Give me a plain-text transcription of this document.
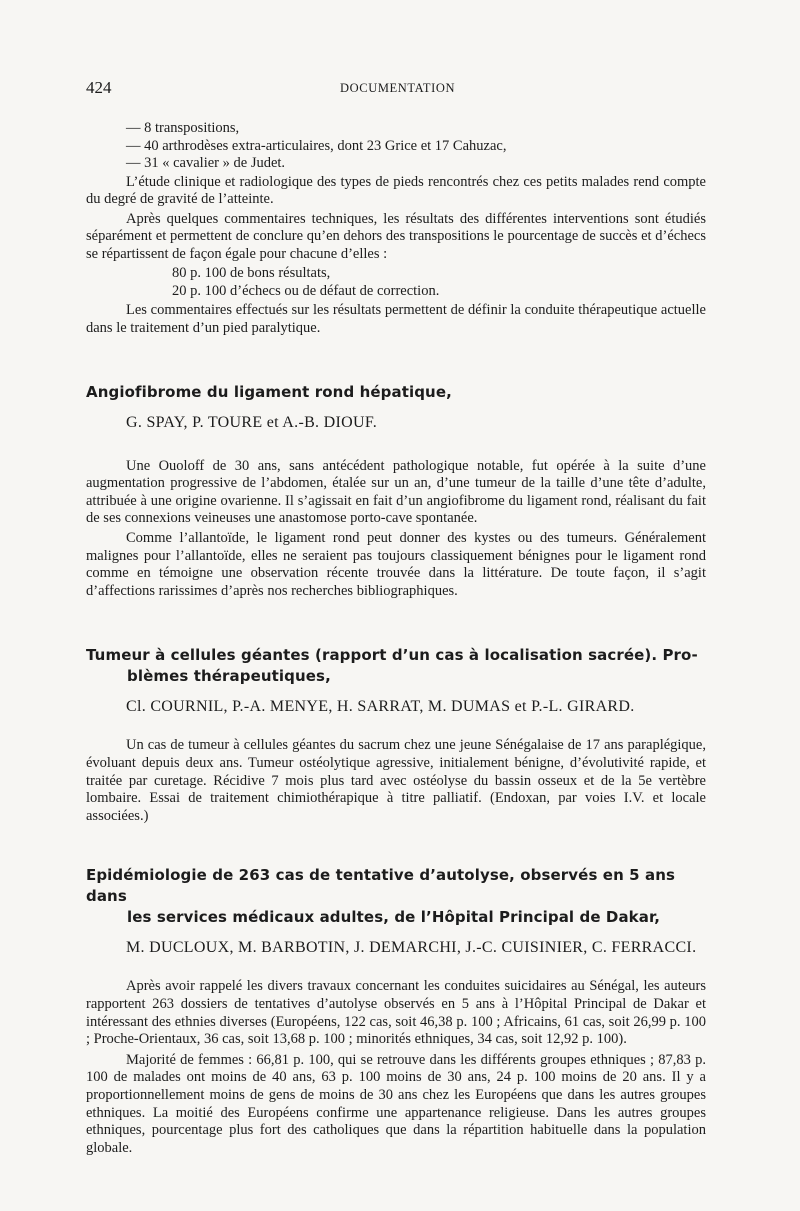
424	DOCUMENTATION

— 8 transpositions,

— 40 arthrodèses extra-articulaires, dont 23 Grice et 17 Cahuzac,

— 31 « cavalier » de Judet.

L’étude clinique et radiologique des types de pieds rencontrés chez ces petits malades rend compte du degré de gravité de l’atteinte.

Après quelques commentaires techniques, les résultats des différentes interventions sont étudiés séparément et permettent de conclure qu’en dehors des transpositions le pourcentage de succès et d’échecs se répartissent de façon égale pour chacune d’elles :

80 p. 100 de bons résultats,

20 p. 100 d’échecs ou de défaut de correction.

Les commentaires effectués sur les résultats permettent de définir la conduite thérapeutique actuelle dans le traitement d’un pied paralytique.

Angiofibrome du ligament rond hépatique,

G. SPAY, P. TOURE et A.-B. DIOUF.

Une Ouoloff de 30 ans, sans antécédent pathologique notable, fut opérée à la suite d’une augmentation progressive de l’abdomen, étalée sur un an, d’une tumeur de la taille d’une tête d’adulte, attribuée à une origine ovarienne. Il s’agissait en fait d’un angiofibrome du ligament rond, réalisant du fait de ses connexions veineuses une anastomose porto-cave spontanée.

Comme l’allantoïde, le ligament rond peut donner des kystes ou des tumeurs. Généralement malignes pour l’allantoïde, elles ne seraient pas toujours classiquement bénignes pour le ligament rond comme en témoigne une observation récente trouvée dans la littérature. De toute façon, il s’agit d’affections rarissimes d’après nos recherches bibliographiques.

Tumeur à cellules géantes (rapport d’un cas à localisation sacrée). Pro-
blèmes thérapeutiques,

Cl. COURNIL, P.-A. MENYE, H. SARRAT, M. DUMAS et P.-L. GIRARD.

Un cas de tumeur à cellules géantes du sacrum chez une jeune Sénégalaise de 17 ans paraplégique, évoluant depuis deux ans. Tumeur ostéolytique agressive, initialement bénigne, d’évolutivité rapide, et traitée par curetage. Récidive 7 mois plus tard avec ostéolyse du bassin osseux et de la 5e vertèbre lombaire. Essai de traitement chimiothérapique à titre palliatif. (Endoxan, par voies I.V. et locale associées.)

Epidémiologie de 263 cas de tentative d’autolyse, observés en 5 ans dans
les services médicaux adultes, de l’Hôpital Principal de Dakar,

M. DUCLOUX, M. BARBOTIN, J. DEMARCHI, J.-C. CUISINIER, C. FERRACCI.

Après avoir rappelé les divers travaux concernant les conduites suicidaires au Sénégal, les auteurs rapportent 263 dossiers de tentatives d’autolyse observés en 5 ans à l’Hôpital Principal de Dakar et intéressant des ethnies diverses (Européens, 122 cas, soit 46,38 p. 100 ; Africains, 61 cas, soit 26,99 p. 100 ; Proche-Orientaux, 36 cas, soit 13,68 p. 100 ; minorités ethniques, 34 cas, soit 12,92 p. 100).

Majorité de femmes : 66,81 p. 100, qui se retrouve dans les différents groupes ethniques ; 87,83 p. 100 de malades ont moins de 40 ans, 63 p. 100 moins de 30 ans, 24 p. 100 moins de 20 ans. Il y a proportionnellement moins de gens de moins de 30 ans chez les Européens que dans les autres groupes ethniques. La moitié des Européens confirme une appartenance religieuse. Dans les autres groupes ethniques, pourcentage plus fort des catholiques que dans la répartition habituelle dans la population globale.
